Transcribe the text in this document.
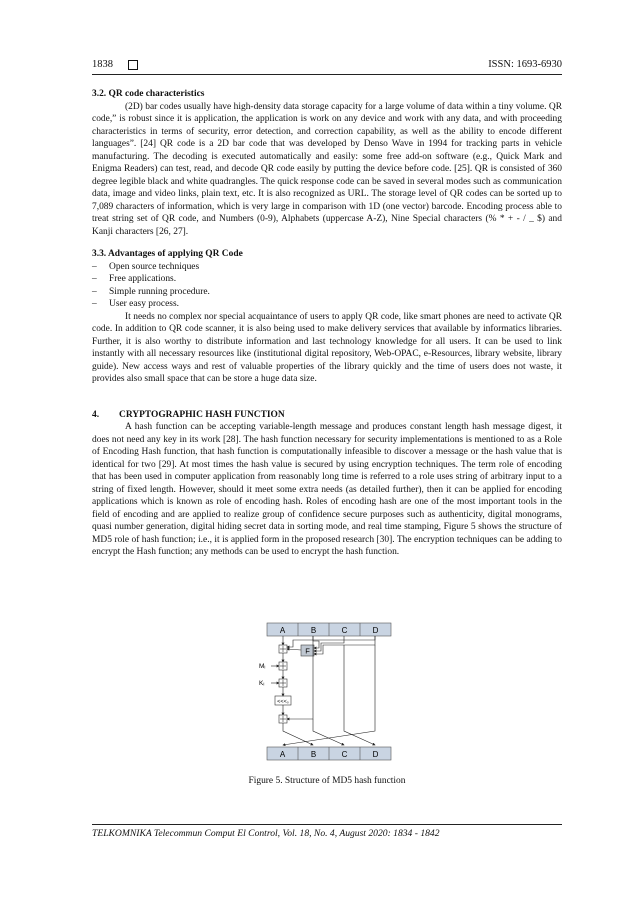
1838	ISSN: 1693-6930
3.2. QR code characteristics

(2D) bar codes usually have high-density data storage capacity for a large volume of data within a tiny volume. QR code,” is robust since it is application, the application is work on any device and work with any data, and with proceeding characteristics in terms of security, error detection, and correction capability, as well as the ability to encode different languages”. [24] QR code is a 2D bar code that was developed by Denso Wave in 1994 for tracking parts in vehicle manufacturing. The decoding is executed automatically and easily: some free add-on software (e.g., Quick Mark and Enigma Readers) can test, read, and decode QR code easily by putting the device before code. [25]. QR is consisted of 360 degree legible black and white quadrangles. The quick response code can be saved in several modes such as communication data, image and video links, plain text, etc. It is also recognized as URL. The storage level of QR codes can be sorted up to 7,089 characters of information, which is very large in comparison with 1D (one vector) barcode. Encoding process able to treat string set of QR code, and Numbers (0-9), Alphabets (uppercase A-Z), Nine Special characters (% * + - / _ $) and Kanji characters [26, 27].

3.3. Advantages of applying QR Code
– Open source techniques
– Free applications.
– Simple running procedure.
– User easy process.

It needs no complex nor special acquaintance of users to apply QR code, like smart phones are need to activate QR code. In addition to QR code scanner, it is also being used to make delivery services that available by informatics libraries. Further, it is also worthy to distribute information and last technology knowledge for all users. It can be used to link instantly with all necessary resources like (institutional digital repository, Web-OPAC, e-Resources, library website, library guide). New access ways and rest of valuable properties of the library quickly and the time of users does not waste, it provides also small space that can be store a huge data size.

4. CRYPTOGRAPHIC HASH FUNCTION

A hash function can be accepting variable-length message and produces constant length hash message digest, it does not need any key in its work [28]. The hash function necessary for security implementations is mentioned to as a Role of Encoding Hash function, that hash function is computationally infeasible to discover a message or the hash value that is identical for two [29]. At most times the hash value is secured by using encryption techniques. The term role of encoding that has been used in computer application from reasonably long time is referred to a role uses string of arbitrary input to a string of fixed length. However, should it meet some extra needs (as detailed further), then it can be applied for encoding applications which is known as role of encoding hash. Roles of encoding hash are one of the most important tools in the field of encoding and are applied to realize group of confidence secure purposes such as authenticity, digital monograms, quasi number generation, digital hiding secret data in sorting mode, and real time stamping, Figure 5 shows the structure of MD5 role of hash function; i.e., it is applied form in the proposed research [30]. The encryption techniques can be adding to encrypt the Hash function; any methods can be used to encrypt the hash function.

A	B	C	D
F
<<<ₛ
Mᵢ
Kᵢ
A	B	C	D
Figure 5. Structure of MD5 hash function
TELKOMNIKA Telecommun Comput El Control, Vol. 18, No. 4, August 2020: 1834 - 1842
